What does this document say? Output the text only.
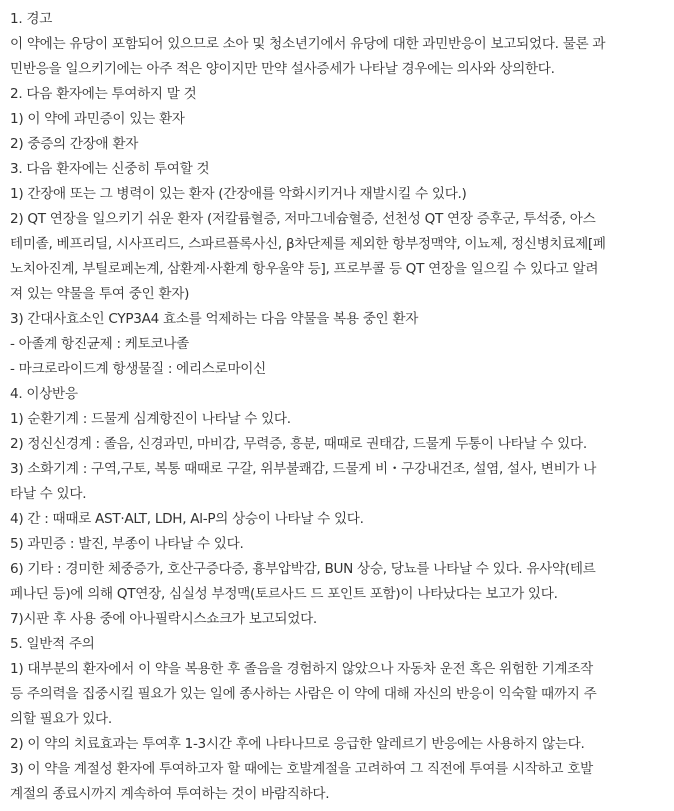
1. 경고
이 약에는 유당이 포함되어 있으므로 소아 및 청소년기에서 유당에 대한 과민반응이 보고되었다. 물론 과
민반응을 일으키기에는 아주 적은 양이지만 만약 설사증세가 나타날 경우에는 의사와 상의한다.
2. 다음 환자에는 투여하지 말 것
1) 이 약에 과민증이 있는 환자
2) 중증의 간장애 환자
3. 다음 환자에는 신중히 투여할 것
1) 간장애 또는 그 병력이 있는 환자 (간장애를 악화시키거나 재발시킬 수 있다.)
2) QT 연장을 일으키기 쉬운 환자 (저칼륨혈증, 저마그네슘혈증, 선천성 QT 연장 증후군, 투석중, 아스
테미졸, 베프리딜, 시사프리드, 스파르플록사신, β차단제를 제외한 항부정맥약, 이뇨제, 정신병치료제[페
노치아진계, 부틸로페논계, 삼환계·사환계 항우울약 등], 프로부콜 등 QT 연장을 일으킬 수 있다고 알려
져 있는 약물을 투여 중인 환자)
3) 간대사효소인 CYP3A4 효소를 억제하는 다음 약물을 복용 중인 환자
- 아졸계 항진균제 : 케토코나졸
- 마크로라이드계 항생물질 : 에리스로마이신
4. 이상반응
1) 순환기계 : 드물게 심계항진이 나타날 수 있다.
2) 정신신경계 : 졸음, 신경과민, 마비감, 무력증, 흥분, 때때로 권태감, 드물게 두통이 나타날 수 있다.
3) 소화기계 : 구역,구토, 복통 때때로 구갈, 위부불쾌감, 드물게 비・구강내건조, 설염, 설사, 변비가 나
타날 수 있다.
4) 간 : 때때로 AST·ALT, LDH, Al-P의 상승이 나타날 수 있다.
5) 과민증 : 발진, 부종이 나타날 수 있다.
6) 기타 : 경미한 체중증가, 호산구증다증, 흉부압박감, BUN 상승, 당뇨를 나타날 수 있다. 유사약(테르
페나딘 등)에 의해 QT연장, 심실성 부정맥(토르사드 드 포인트 포함)이 나타났다는 보고가 있다.
7)시판 후 사용 중에 아나필락시스쇼크가 보고되었다.
5. 일반적 주의
1) 대부분의 환자에서 이 약을 복용한 후 졸음을 경험하지 않았으나 자동차 운전 혹은 위험한 기계조작
등 주의력을 집중시킬 필요가 있는 일에 종사하는 사람은 이 약에 대해 자신의 반응이 익숙할 때까지 주
의할 필요가 있다.
2) 이 약의 치료효과는 투여후 1-3시간 후에 나타나므로 응급한 알레르기 반응에는 사용하지 않는다.
3) 이 약을 계절성 환자에 투여하고자 할 때에는 호발계절을 고려하여 그 직전에 투여를 시작하고 호발
계절의 종료시까지 계속하여 투여하는 것이 바람직하다.
